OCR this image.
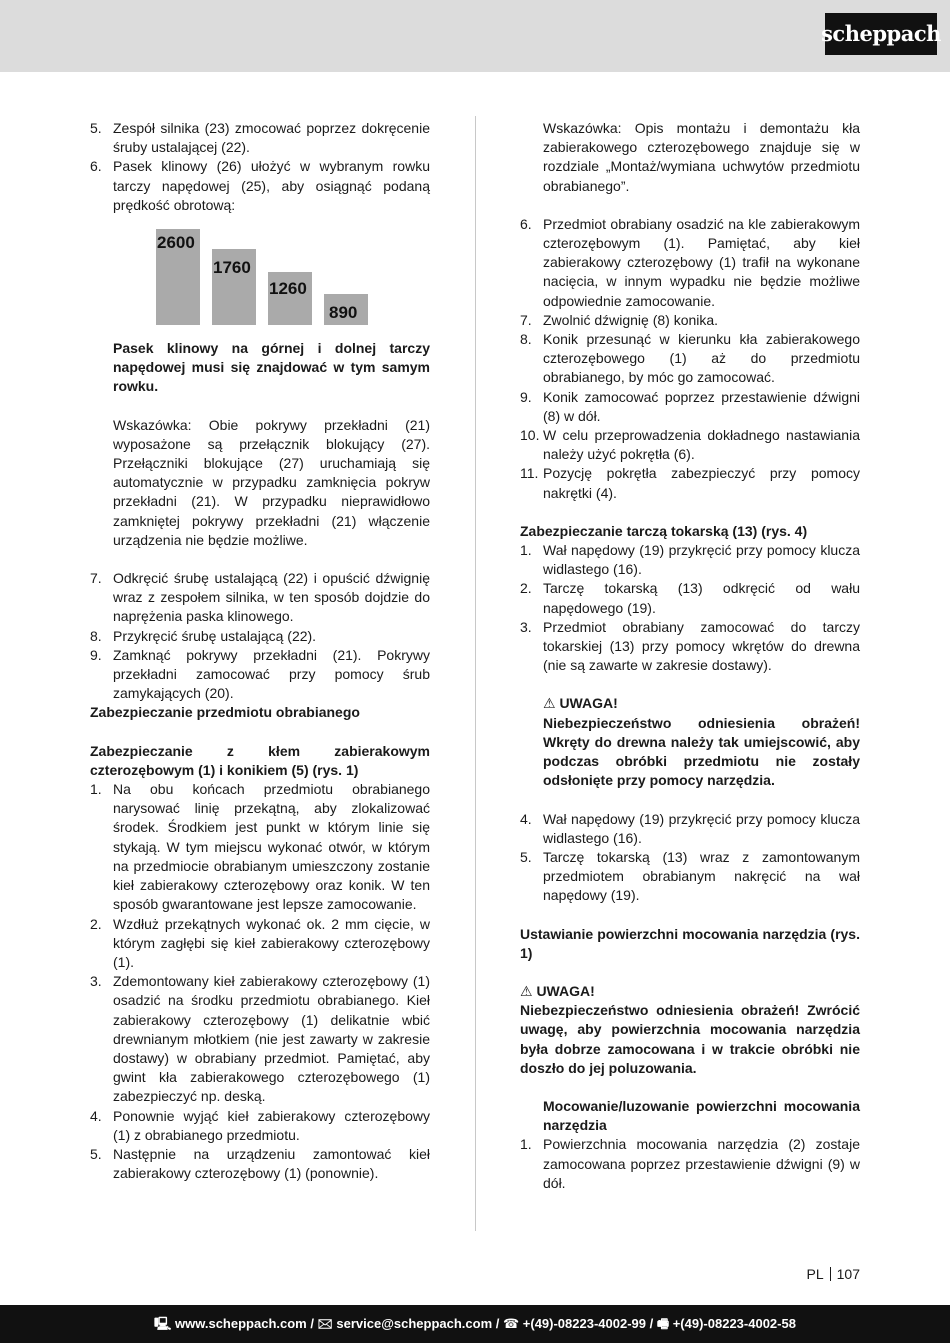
scheppach
5. Zespół silnika (23) zmocować poprzez dokręcenie śruby ustalającej (22).
6. Pasek klinowy (26) ułożyć w wybranym rowku tarczy napędowej (25), aby osiągnąć podaną prędkość obrotową:
2600
1760
1260
890

Pasek klinowy na górnej i dolnej tarczy napędowej musi się znajdować w tym samym rowku.

Wskazówka: Obie pokrywy przekładni (21) wyposażone są przełącznik blokujący (27). Przełączniki blokujące (27) uruchamiają się automatycznie w przypadku zamknięcia pokryw przekładni (21). W przypadku nieprawidłowo zamkniętej pokrywy przekładni (21) włączenie urządzenia nie będzie możliwe.

7. Odkręcić śrubę ustalającą (22) i opuścić dźwignię wraz z zespołem silnika, w ten sposób dojdzie do naprężenia paska klinowego.
8. Przykręcić śrubę ustalającą (22).
9. Zamknąć pokrywy przekładni (21). Pokrywy przekładni zamocować przy pomocy śrub zamykających (20).

Zabezpieczanie przedmiotu obrabianego

Zabezpieczanie z kłem zabierakowym czterozębowym (1) i konikiem (5) (rys. 1)

1. Na obu końcach przedmiotu obrabianego narysować linię przekątną, aby zlokalizować środek. Środkiem jest punkt w którym linie się stykają. W tym miejscu wykonać otwór, w którym na przedmiocie obrabianym umieszczony zostanie kieł zabierakowy czterozębowy oraz konik. W ten sposób gwarantowane jest lepsze zamocowanie.
2. Wzdłuż przekątnych wykonać ok. 2 mm cięcie, w którym zagłębi się kieł zabierakowy czterozębowy (1).
3. Zdemontowany kieł zabierakowy czterozębowy (1) osadzić na środku przedmiotu obrabianego. Kieł zabierakowy czterozębowy (1) delikatnie wbić drewnianym młotkiem (nie jest zawarty w zakresie dostawy) w obrabiany przedmiot. Pamiętać, aby gwint kła zabierakowego czterozębowego (1) zabezpieczyć np. deską.
4. Ponownie wyjąć kieł zabierakowy czterozębowy (1) z obrabianego przedmiotu.
5. Następnie na urządzeniu zamontować kieł zabierakowy czterozębowy (1) (ponownie).

Wskazówka: Opis montażu i demontażu kła zabierakowego czterozębowego znajduje się w rozdziale „Montaż/wymiana uchwytów przedmiotu obrabianego”.

6. Przedmiot obrabiany osadzić na kle zabierakowym czterozębowym (1). Pamiętać, aby kieł zabierakowy czterozębowy (1) trafił na wykonane nacięcia, w innym wypadku nie będzie możliwe odpowiednie zamocowanie.
7. Zwolnić dźwignię (8) konika.
8. Konik przesunąć w kierunku kła zabierakowego czterozębowego (1) aż do przedmiotu obrabianego, by móc go zamocować.
9. Konik zamocować poprzez przestawienie dźwigni (8) w dół.
10. W celu przeprowadzenia dokładnego nastawiania należy użyć pokrętła (6).
11. Pozycję pokrętła zabezpieczyć przy pomocy nakrętki (4).

Zabezpieczanie tarczą tokarską (13) (rys. 4)

1. Wał napędowy (19) przykręcić przy pomocy klucza widlastego (16).
2. Tarczę tokarską (13) odkręcić od wału napędowego (19).
3. Przedmiot obrabiany zamocować do tarczy tokarskiej (13) przy pomocy wkrętów do drewna (nie są zawarte w zakresie dostawy).

⚠ UWAGA!

Niebezpieczeństwo odniesienia obrażeń! Wkręty do drewna należy tak umiejscowić, aby podczas obróbki przedmiotu nie zostały odsłonięte przy pomocy narzędzia.

4. Wał napędowy (19) przykręcić przy pomocy klucza widlastego (16).
5. Tarczę tokarską (13) wraz z zamontowanym przedmiotem obrabianym nakręcić na wał napędowy (19).

Ustawianie powierzchni mocowania narzędzia (rys. 1)

⚠ UWAGA!

Niebezpieczeństwo odniesienia obrażeń! Zwrócić uwagę, aby powierzchnia mocowania narzędzia była dobrze zamocowana i w trakcie obróbki nie doszło do jej poluzowania.

Mocowanie/luzowanie powierzchni mocowania narzędzia

1. Powierzchnia mocowania narzędzia (2) zostaje zamocowana poprzez przestawienie dźwigni (9) w dół.
PL 107
🖳 www.scheppach.com / 🖂 service@scheppach.com / ☎ +(49)-08223-4002-99 / 🖷 +(49)-08223-4002-58
